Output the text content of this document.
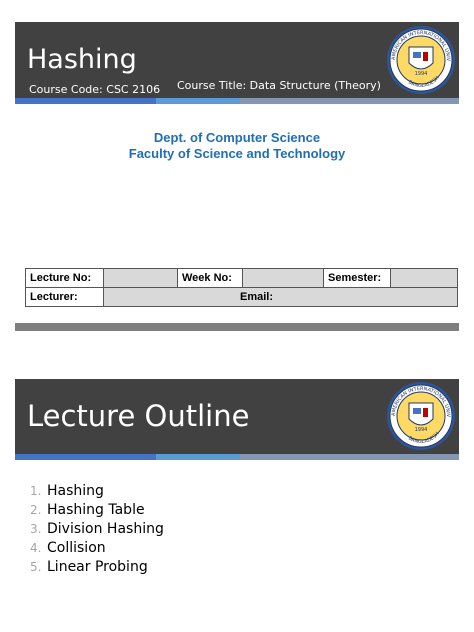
Hashing
Course Code: CSC 2106 Course Title: Data Structure (Theory)
AMERICAN INTERNATIONAL UNIV
BANGLADESH
1994
Dept. of Computer Science
Faculty of Science and Technology
Lecture No:		Week No:		Semester:	
Lecturer:	Email:				
Lecture Outline	AMERICAN INTERNATIONAL UNIV
BANGLADESH
1994
1. Hashing
2. Hashing Table
3. Division Hashing
4. Collision
5. Linear Probing
